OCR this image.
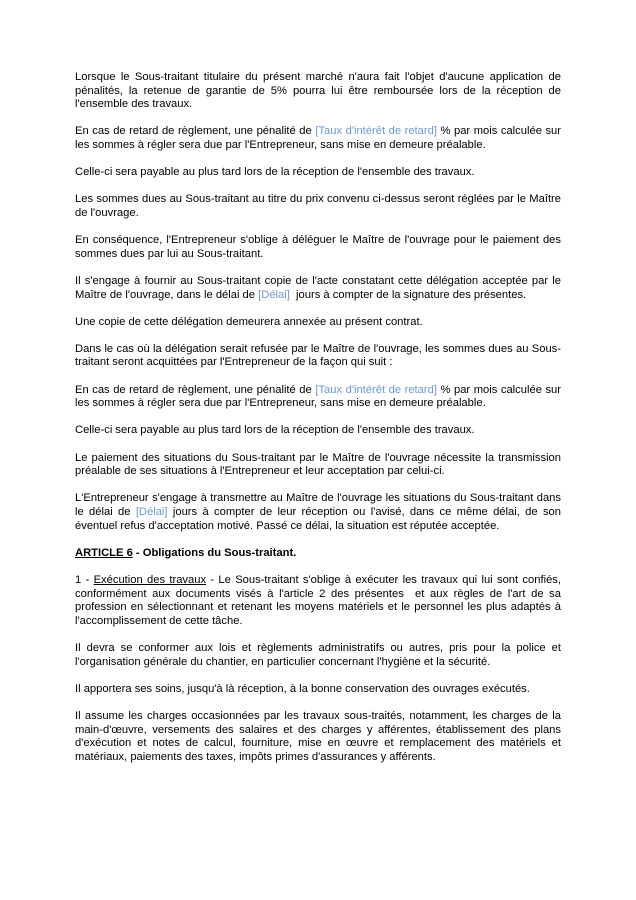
Lorsque le Sous-traitant titulaire du présent marché n'aura fait l'objet d'aucune application de pénalités, la retenue de garantie de 5% pourra lui être remboursée lors de la réception de l'ensemble des travaux.

En cas de retard de règlement, une pénalité de [Taux d'intérêt de retard] % par mois calculée sur les sommes à régler sera due par l'Entrepreneur, sans mise en demeure préalable.

Celle-ci sera payable au plus tard lors de la réception de l'ensemble des travaux.

Les sommes dues au Sous-traitant au titre du prix convenu ci-dessus seront réglées par le Maître de l'ouvrage.

En conséquence, l'Entrepreneur s'oblige à déléguer le Maître de l'ouvrage pour le paiement des sommes dues par lui au Sous-traitant.

Il s'engage à fournir au Sous-traitant copie de l'acte constatant cette délégation acceptée par le Maître de l'ouvrage, dans le délai de [Délai]  jours à compter de la signature des présentes.

Une copie de cette délégation demeurera annexée au présent contrat.

Dans le cas où la délégation serait refusée par le Maître de l'ouvrage, les sommes dues au Sous-traitant seront acquittées par l'Entrepreneur de la façon qui suit :

En cas de retard de règlement, une pénalité de [Taux d'intérêt de retard] % par mois calculée sur les sommes à régler sera due par l'Entrepreneur, sans mise en demeure préalable.

Celle-ci sera payable au plus tard lors de la réception de l'ensemble des travaux.

Le paiement des situations du Sous-traitant par le Maître de l'ouvrage nécessite la transmission préalable de ses situations à l'Entrepreneur et leur acceptation par celui-ci.

L'Entrepreneur s'engage à transmettre au Maître de l'ouvrage les situations du Sous-traitant dans le délai de [Délai] jours à compter de leur réception ou l'avisé, dans ce même délai, de son éventuel refus d'acceptation motivé. Passé ce délai, la situation est réputée acceptée.

ARTICLE 6 - Obligations du Sous-traitant.

1 - Exécution des travaux - Le Sous-traitant s'oblige à exécuter les travaux qui lui sont confiés, conformément aux documents visés à l'article 2 des présentes  et aux règles de l'art de sa profession en sélectionnant et retenant les moyens matériels et le personnel les plus adaptés à l'accomplissement de cette tâche.

Il devra se conformer aux lois et règlements administratifs ou autres, pris pour la police et l'organisation générale du chantier, en particulier concernant l'hygiène et la sécurité.

Il apportera ses soins, jusqu'à là réception, à la bonne conservation des ouvrages exécutés.

Il assume les charges occasionnées par les travaux sous-traités, notamment, les charges de la main-d'œuvre, versements des salaires et des charges y afférentes, établissement des plans d'exécution et notes de calcul, fourniture, mise en œuvre et remplacement des matériels et matériaux, paiements des taxes, impôts primes d'assurances y afférents.
